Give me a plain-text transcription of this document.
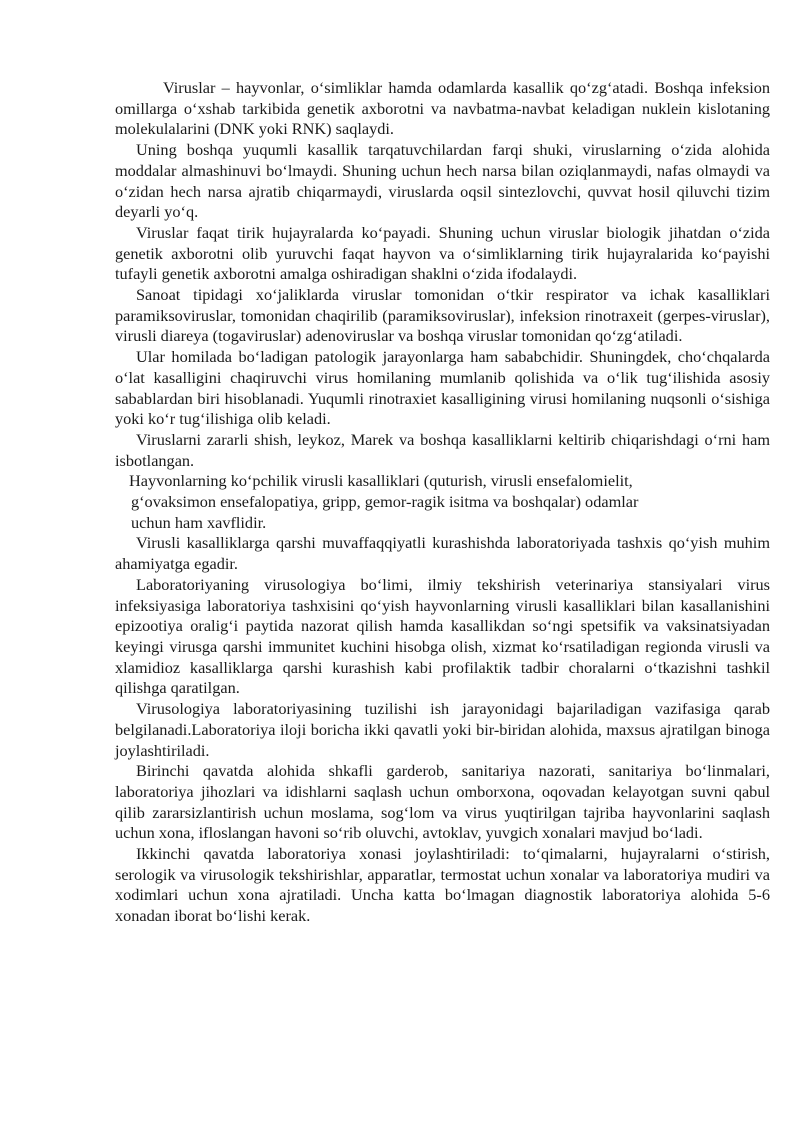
Viruslar – hayvonlar, o‘simliklar hamda odamlarda kasallik qo‘zg‘atadi. Boshqa infeksion omillarga o‘xshab tarkibida genetik axborotni va navbatma-navbat keladigan nuklein kislotaning molekulalarini (DNK yoki RNK) saqlaydi.

Uning boshqa yuqumli kasallik tarqatuvchilardan farqi shuki, viruslarning o‘zida alohida moddalar almashinuvi bo‘lmaydi. Shuning uchun hech narsa bilan oziqlanmaydi, nafas olmaydi va o‘zidan hech narsa ajratib chiqarmaydi, viruslarda oqsil sintezlovchi, quvvat hosil qiluvchi tizim deyarli yo‘q.

Viruslar faqat tirik hujayralarda ko‘payadi. Shuning uchun viruslar biologik jihatdan o‘zida genetik axborotni olib yuruvchi faqat hayvon va o‘simliklarning tirik hujayralarida ko‘payishi tufayli genetik axborotni amalga oshiradigan shaklni o‘zida ifodalaydi.

Sanoat tipidagi xo‘jaliklarda viruslar tomonidan o‘tkir respirator va ichak kasalliklari paramiksoviruslar, tomonidan chaqirilib (paramiksoviruslar), infeksion rinotraxeit (gerpes-viruslar), virusli diareya (togaviruslar) adenoviruslar va boshqa viruslar tomonidan qo‘zg‘atiladi.

Ular homilada bo‘ladigan patologik jarayonlarga ham sababchidir. Shuningdek, cho‘chqalarda o‘lat kasalligini chaqiruvchi virus homilaning mumlanib qolishida va o‘lik tug‘ilishida asosiy sabablardan biri hisoblanadi. Yuqumli rinotraxiet kasalligining virusi homilaning nuqsonli o‘sishiga yoki ko‘r tug‘ilishiga olib keladi.

Viruslarni zararli shish, leykoz, Marek va boshqa kasalliklarni keltirib chiqarishdagi o‘rni ham isbotlangan.

Hayvonlarning ko‘pchilik virusli kasalliklari (quturish, virusli ensefalomielit,
g‘ovaksimon ensefalopatiya, gripp, gemor-ragik isitma va boshqalar) odamlar
uchun ham xavflidir.

Virusli kasalliklarga qarshi muvaffaqqiyatli kurashishda laboratoriyada tashxis qo‘yish muhim ahamiyatga egadir.

Laboratoriyaning virusologiya bo‘limi, ilmiy tekshirish veterinariya stansiyalari virus infeksiyasiga laboratoriya tashxisini qo‘yish hayvonlarning virusli kasalliklari bilan kasallanishini epizootiya oralig‘i paytida nazorat qilish hamda kasallikdan so‘ngi spetsifik va vaksinatsiyadan keyingi virusga qarshi immunitet kuchini hisobga olish, xizmat ko‘rsatiladigan regionda virusli va xlamidioz kasalliklarga qarshi kurashish kabi profilaktik tadbir choralarni o‘tkazishni tashkil qilishga qaratilgan.

Virusologiya laboratoriyasining tuzilishi ish jarayonidagi bajariladigan vazifasiga qarab belgilanadi.Laboratoriya iloji boricha ikki qavatli yoki bir-biridan alohida, maxsus ajratilgan binoga joylashtiriladi.

Birinchi qavatda alohida shkafli garderob, sanitariya nazorati, sanitariya bo‘linmalari, laboratoriya jihozlari va idishlarni saqlash uchun omborxona, oqovadan kelayotgan suvni qabul qilib zararsizlantirish uchun moslama, sog‘lom va virus yuqtirilgan tajriba hayvonlarini saqlash uchun xona, ifloslangan havoni so‘rib oluvchi, avtoklav, yuvgich xonalari mavjud bo‘ladi.

Ikkinchi qavatda laboratoriya xonasi joylashtiriladi: to‘qimalarni, hujayralarni o‘stirish, serologik va virusologik tekshirishlar, apparatlar, termostat uchun xonalar va laboratoriya mudiri va xodimlari uchun xona ajratiladi. Uncha katta bo‘lmagan diagnostik laboratoriya alohida 5-6 xonadan iborat bo‘lishi kerak.
